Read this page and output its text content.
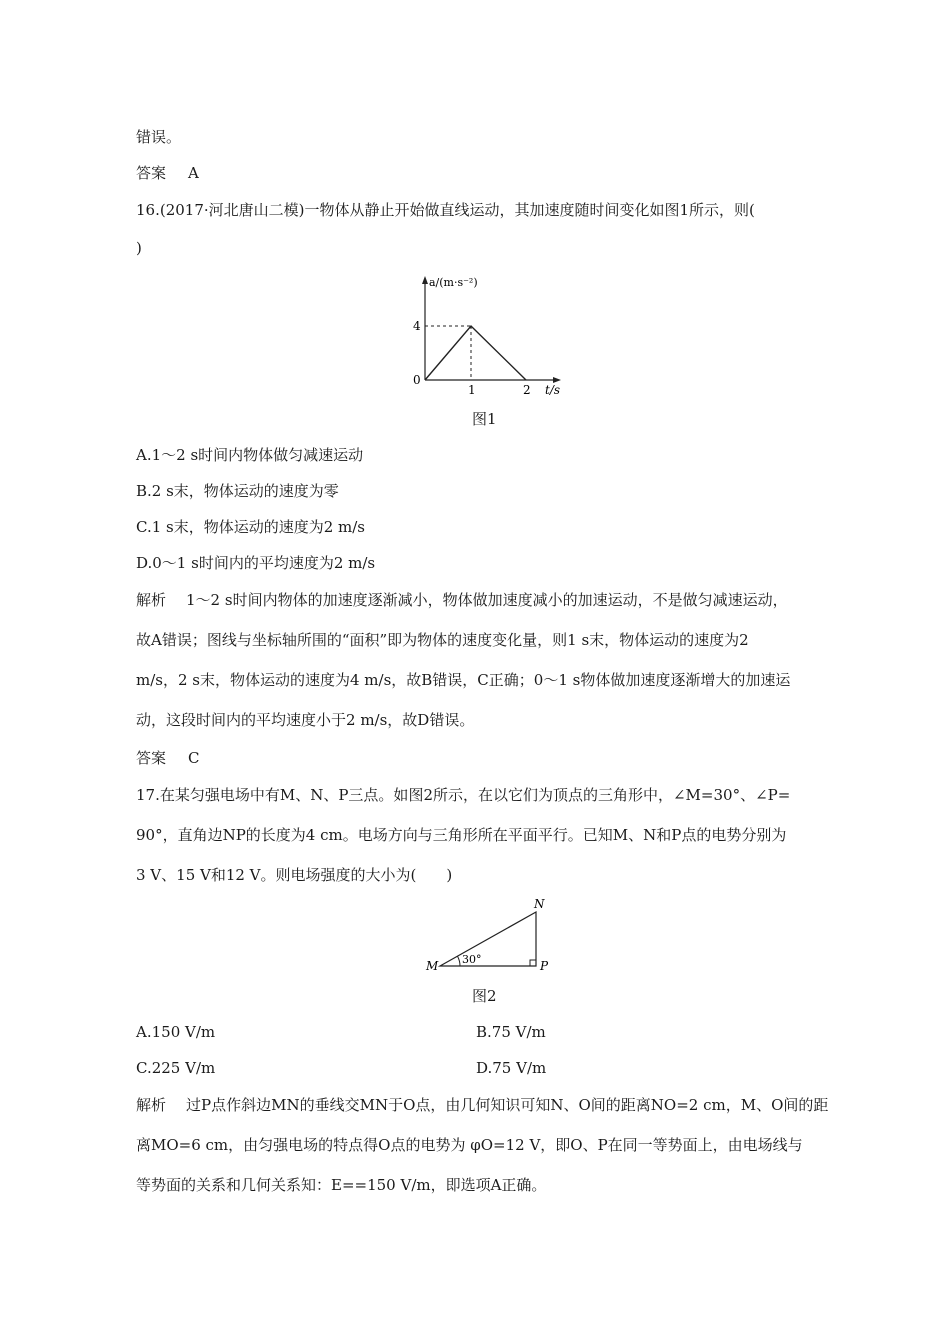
错误。
答案 A
16.(2017·河北唐山二模)一物体从静止开始做直线运动，其加速度随时间变化如图1所示，则(
)
a/(m·s⁻²)
4
0
1	2 t/s
图1
A.1～2 s时间内物体做匀减速运动
B.2 s末，物体运动的速度为零
C.1 s末，物体运动的速度为2 m/s
D.0～1 s时间内的平均速度为2 m/s
解析 1～2 s时间内物体的加速度逐渐减小，物体做加速度减小的加速运动，不是做匀减速运动，
故A错误；图线与坐标轴所围的“面积”即为物体的速度变化量，则1 s末，物体运动的速度为2
m/s，2 s末，物体运动的速度为4 m/s，故B错误，C正确；0～1 s物体做加速度逐渐增大的加速运
动，这段时间内的平均速度小于2 m/s，故D错误。
答案 C
17.在某匀强电场中有M、N、P三点。如图2所示，在以它们为顶点的三角形中，∠M=30°、∠P=
90°，直角边NP的长度为4 cm。电场方向与三角形所在平面平行。已知M、N和P点的电势分别为
3 V、15 V和12 V。则电场强度的大小为(　　)
M
N
P
30°
图2
A.150 V/m	B.75 V/m
C.225 V/m	D.75 V/m
解析 过P点作斜边MN的垂线交MN于O点，由几何知识可知N、O间的距离NO=2 cm，M、O间的距
离MO=6 cm，由匀强电场的特点得O点的电势为 φO=12 V，即O、P在同一等势面上，由电场线与
等势面的关系和几何关系知：E==150 V/m，即选项A正确。
